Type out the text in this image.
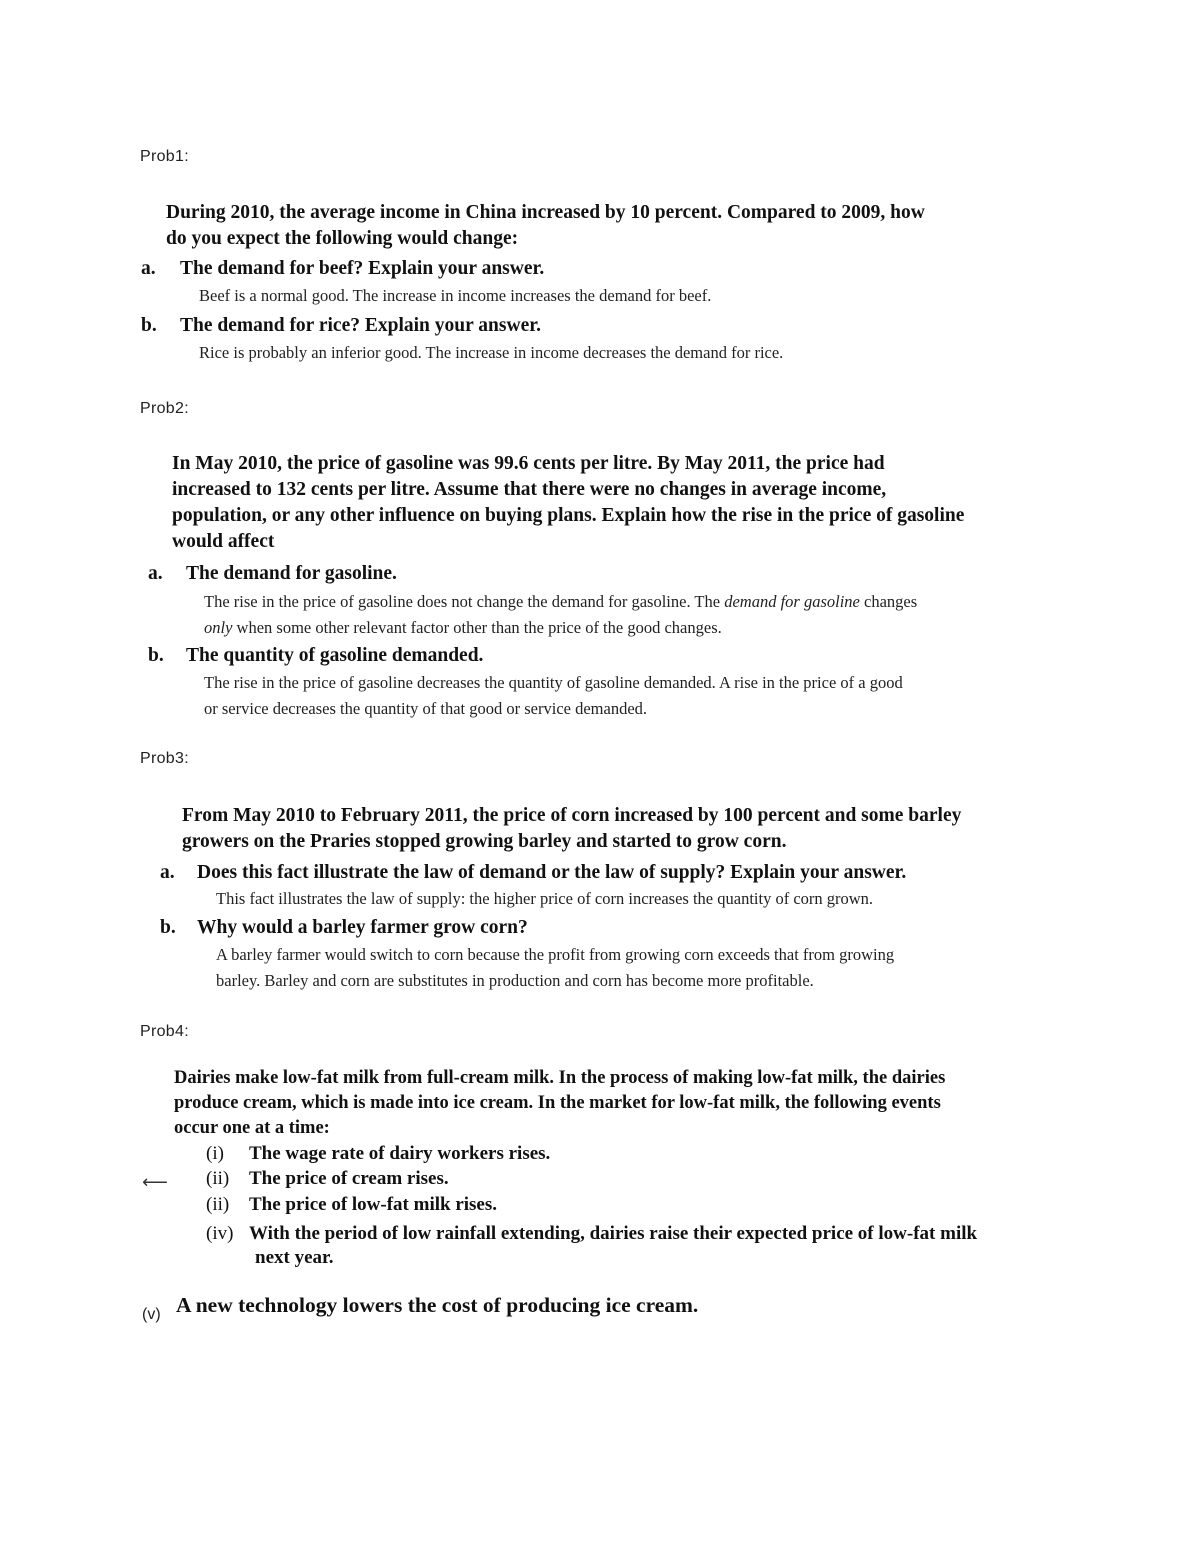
Prob1:
During 2010, the average income in China increased by 10 percent. Compared to 2009, how
do you expect the following would change:
a. The demand for beef? Explain your answer.
Beef is a normal good. The increase in income increases the demand for beef.
b. The demand for rice? Explain your answer.
Rice is probably an inferior good. The increase in income decreases the demand for rice.
Prob2:
In May 2010, the price of gasoline was 99.6 cents per litre. By May 2011, the price had
increased to 132 cents per litre. Assume that there were no changes in average income,
population, or any other influence on buying plans. Explain how the rise in the price of gasoline
would affect
a. The demand for gasoline.
The rise in the price of gasoline does not change the demand for gasoline. The demand for gasoline changes
only when some other relevant factor other than the price of the good changes.
b. The quantity of gasoline demanded.
The rise in the price of gasoline decreases the quantity of gasoline demanded. A rise in the price of a good
or service decreases the quantity of that good or service demanded.
Prob3:
From May 2010 to February 2011, the price of corn increased by 100 percent and some barley
growers on the Praries stopped growing barley and started to grow corn.
a. Does this fact illustrate the law of demand or the law of supply? Explain your answer.
This fact illustrates the law of supply: the higher price of corn increases the quantity of corn grown.
b. Why would a barley farmer grow corn?
A barley farmer would switch to corn because the profit from growing corn exceeds that from growing
barley. Barley and corn are substitutes in production and corn has become more profitable.
Prob4:
Dairies make low-fat milk from full-cream milk. In the process of making low-fat milk, the dairies
produce cream, which is made into ice cream. In the market for low-fat milk, the following events
occur one at a time:
⟵
(i) The wage rate of dairy workers rises.
(ii) The price of cream rises.
(ii) The price of low-fat milk rises.
(iv) With the period of low rainfall extending, dairies raise their expected price of low-fat milk
next year.
(v) A new technology lowers the cost of producing ice cream.
